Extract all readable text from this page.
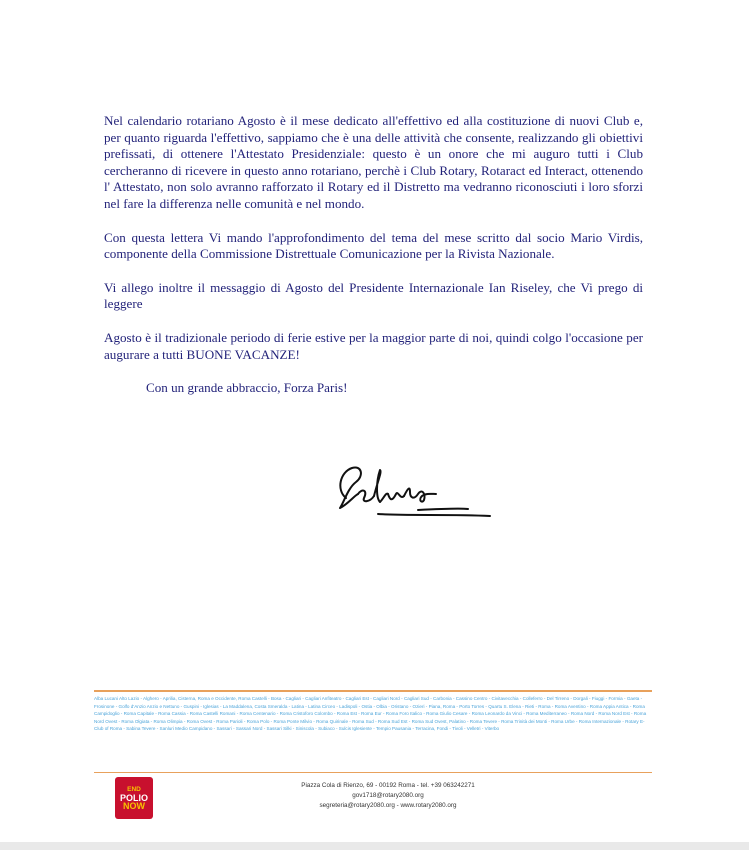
Nel calendario rotariano Agosto è il mese dedicato all'effettivo ed alla costituzione di nuovi Club e, per quanto riguarda l'effettivo, sappiamo che è una delle attività che consente, realizzando gli obiettivi prefissati, di ottenere l'Attestato Presidenziale: questo è un onore che mi auguro tutti i Club cercheranno di ricevere in questo anno rotariano, perchè i Club Rotary, Rotaract ed Interact, ottenendo l' Attestato, non solo avranno rafforzato il Rotary ed il Distretto ma vedranno riconosciuti i loro sforzi nel fare la differenza nelle comunità e nel mondo.

Con questa lettera Vi mando l'approfondimento del tema del mese scritto dal socio Mario Virdis, componente della Commissione Distrettuale Comunicazione per la Rivista Nazionale.

Vi allego inoltre il messaggio di Agosto del Presidente Internazionale Ian Riseley, che Vi prego di leggere

Agosto è il tradizionale periodo di ferie estive per la maggior parte di noi, quindi colgo l'occasione per augurare a tutti BUONE VACANZE!

Con un grande abbraccio, Forza Paris!

Alba Lucani Alto Lazio - Alghero - Aprilia, Cisterna, Roma e Occidente, Roma Castelli - Bosa - Cagliari - Cagliari Anfiteatro - Cagliari Est - Cagliari Nord - Cagliari Sud - Carbonia - Cassino Centro - Civitavecchia - Colleferro - Del Tirreno - Dorgali - Fiuggi - Formia - Gaeta - Frosinone - Golfo d'Anzio Anzio e Nettuno - Guspini - Iglesias - La Maddalena, Costa Smeralda - Latina - Latina Circeo - Ladispoli - Ostia - Olbia - Oristano - Ozieri - Piana, Roma - Porto Torres - Quartu S. Elena - Rieti - Roma - Roma Aventino - Roma Appia Antica - Roma Campidoglio - Roma Capitale - Roma Cassia - Roma Castelli Romani - Roma Centenario - Roma Cristoforo Colombo - Roma Est - Roma Eur - Roma Foro Italico - Roma Giulio Cesare - Roma Leonardo da Vinci - Roma Mediterraneo - Roma Nord - Roma Nord Est - Roma Nord Ovest - Roma Olgiata - Roma Olimpia - Roma Ovest - Roma Parioli - Roma Polo - Roma Ponte Milvio - Roma Quirinale - Roma Sud - Roma Sud Est - Roma Sud Ovest, Palatino - Roma Tevere - Roma Trinità dei Monti - Roma Urbe - Roma Internazionale - Rotary E-Club of Roma - Sabina Tevere - Sanluri Medio Campidano - Sassari - Sassari Nord - Sassari Silki - Siniscola - Subiaco - Sulcis Iglesiente - Tempio Pausania - Terracina, Fondi - Tivoli - Velletri - Viterbo
END
POLIO
NOW
Piazza Cola di Rienzo, 69 - 00192 Roma - tel. +39 063242271
gov1718@rotary2080.org
segreteria@rotary2080.org - www.rotary2080.org
